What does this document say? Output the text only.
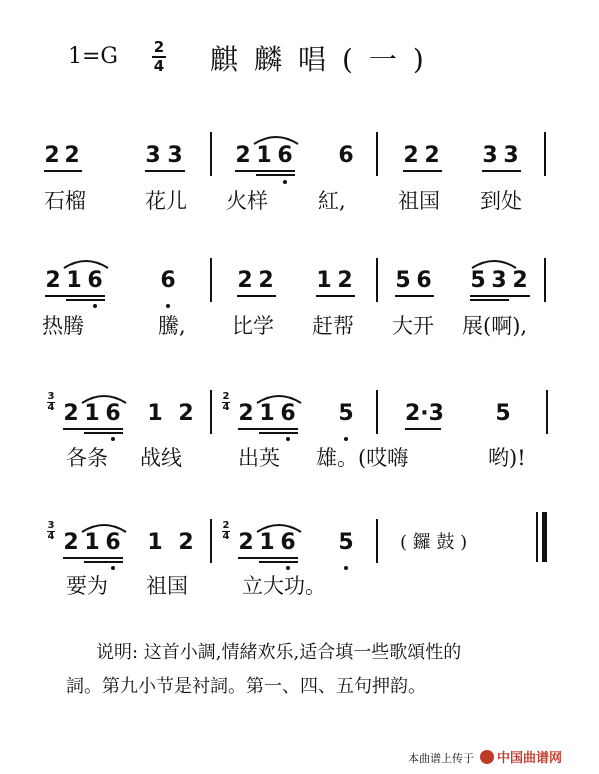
1=G 2
4 麒麟唱(一)
2 2	3 3 2 1 6 6 2 2 3 3
石榴	花儿 火样 紅, 祖国 到处
2 1 6	6	2 2 1 2 5 6 5 3 2
热腾	騰, 比学 赶帮 大开 展(啊),
3
4 2 1 6 1 2
2
4 2 1 6 5 2·3 5
各条 战线	出英 雄。(哎嗨	哟)!
3
4 2 1 6 1 2
2
4 2 1 6 5	( 鑼 鼓 )
要为 祖国	立大功。
说明: 这首小調,情緒欢乐,适合填一些歌頌性的
詞。第九小节是衬詞。第一、四、五句押韵。
本曲谱上传于	中国曲谱网
